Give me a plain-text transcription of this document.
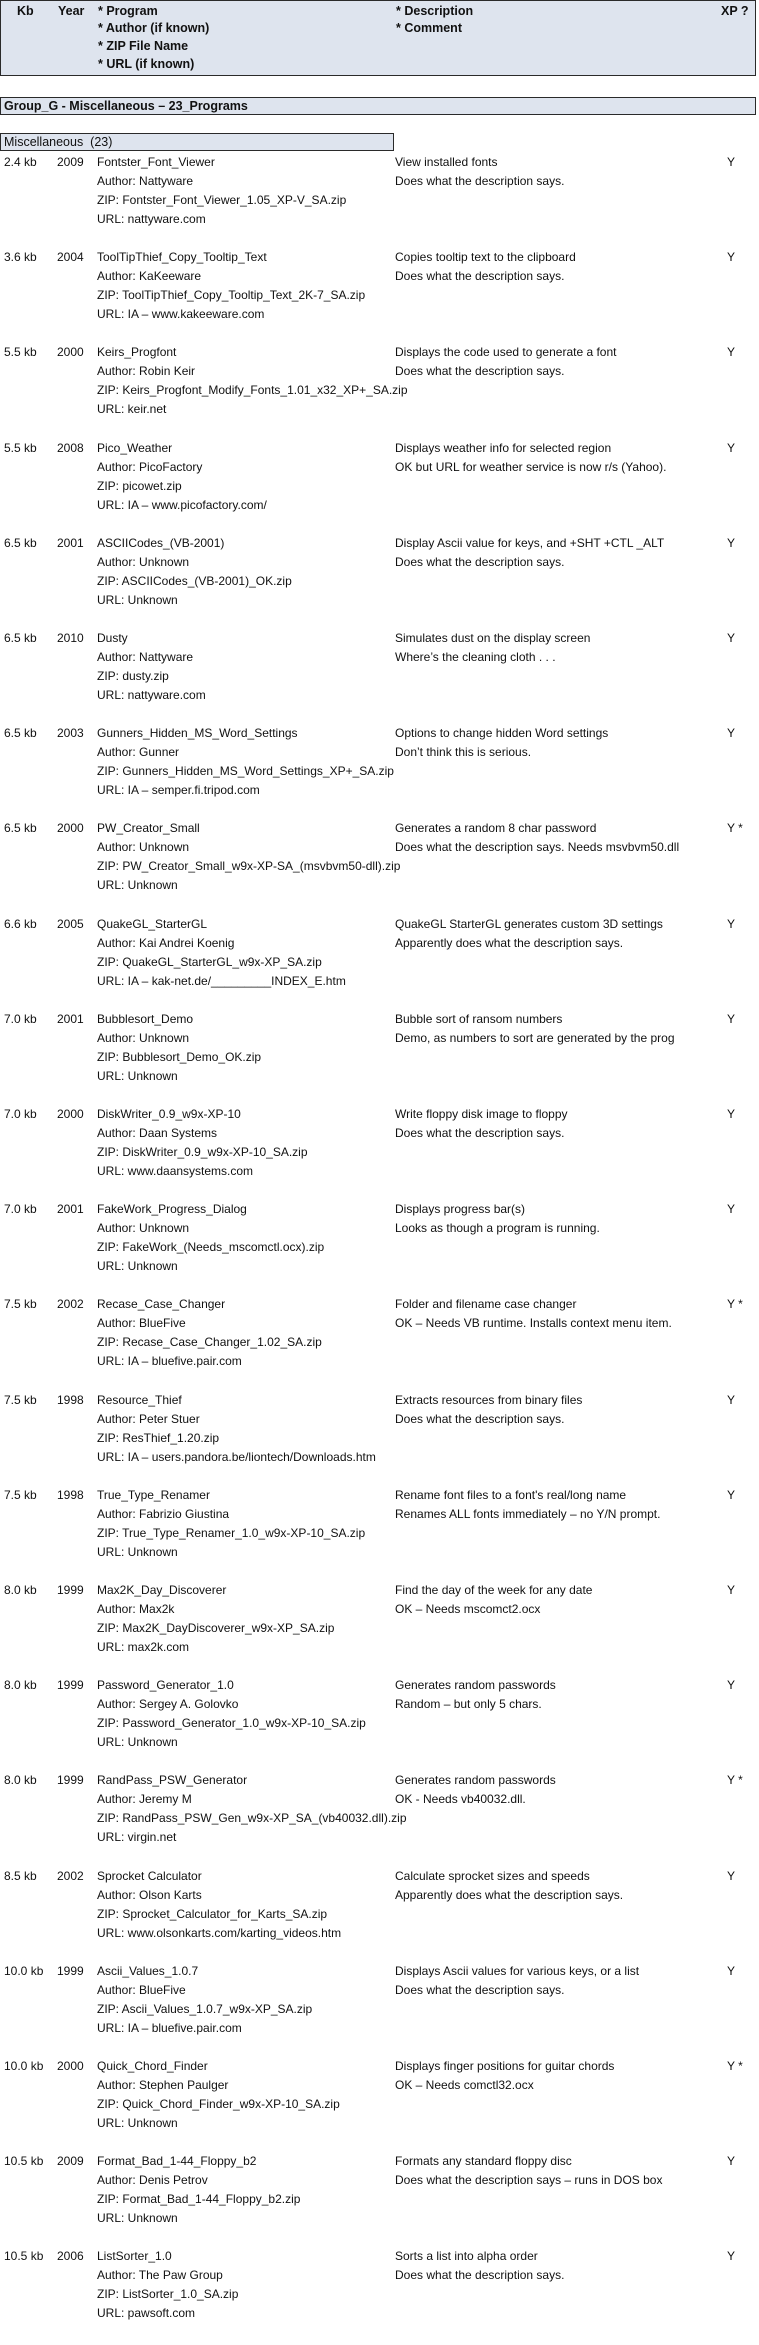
Kb Year * Program
* Author (if known)
* ZIP File Name
* URL (if known)
* Description
* Comment
XP ?
Group_G - Miscellaneous – 23_Programs
Miscellaneous  (23)
2.4 kb 2009 Fontster_Font_Viewer
Author: Nattyware
ZIP: Fontster_Font_Viewer_1.05_XP-V_SA.zip
URL: nattyware.com
View installed fonts
Does what the description says.
Y
3.6 kb 2004 ToolTipThief_Copy_Tooltip_Text
Author: KaKeeware
ZIP: ToolTipThief_Copy_Tooltip_Text_2K-7_SA.zip
URL: IA – www.kakeeware.com
Copies tooltip text to the clipboard
Does what the description says.
Y
5.5 kb 2000 Keirs_Progfont
Author: Robin Keir
ZIP: Keirs_Progfont_Modify_Fonts_1.01_x32_XP+_SA.zip
URL: keir.net
Displays the code used to generate a font
Does what the description says.
Y
5.5 kb 2008 Pico_Weather
Author: PicoFactory
ZIP: picowet.zip
URL: IA – www.picofactory.com/
Displays weather info for selected region
OK but URL for weather service is now r/s (Yahoo).
Y
6.5 kb 2001 ASCIICodes_(VB-2001)
Author: Unknown
ZIP: ASCIICodes_(VB-2001)_OK.zip
URL: Unknown
Display Ascii value for keys, and +SHT +CTL _ALT
Does what the description says.
Y
6.5 kb 2010 Dusty
Author: Nattyware
ZIP: dusty.zip
URL: nattyware.com
Simulates dust on the display screen
Where’s the cleaning cloth . . .
Y
6.5 kb 2003 Gunners_Hidden_MS_Word_Settings
Author: Gunner
ZIP: Gunners_Hidden_MS_Word_Settings_XP+_SA.zip
URL: IA – semper.fi.tripod.com
Options to change hidden Word settings
Don’t think this is serious.
Y
6.5 kb 2000 PW_Creator_Small
Author: Unknown
ZIP: PW_Creator_Small_w9x-XP-SA_(msvbvm50-dll).zip
URL: Unknown
Generates a random 8 char password
Does what the description says. Needs msvbvm50.dll
Y *
6.6 kb 2005 QuakeGL_StarterGL
Author: Kai Andrei Koenig
ZIP: QuakeGL_StarterGL_w9x-XP_SA.zip
URL: IA – kak-net.de/_________INDEX_E.htm
QuakeGL StarterGL generates custom 3D settings
Apparently does what the description says.
Y
7.0 kb 2001 Bubblesort_Demo
Author: Unknown
ZIP: Bubblesort_Demo_OK.zip
URL: Unknown
Bubble sort of ransom numbers
Demo, as numbers to sort are generated by the prog
Y
7.0 kb 2000 DiskWriter_0.9_w9x-XP-10
Author: Daan Systems
ZIP: DiskWriter_0.9_w9x-XP-10_SA.zip
URL: www.daansystems.com
Write floppy disk image to floppy
Does what the description says.
Y
7.0 kb 2001 FakeWork_Progress_Dialog
Author: Unknown
ZIP: FakeWork_(Needs_mscomctl.ocx).zip
URL: Unknown
Displays progress bar(s)
Looks as though a program is running.
Y
7.5 kb 2002 Recase_Case_Changer
Author: BlueFive
ZIP: Recase_Case_Changer_1.02_SA.zip
URL: IA – bluefive.pair.com
Folder and filename case changer
OK – Needs VB runtime. Installs context menu item.
Y *
7.5 kb 1998 Resource_Thief
Author: Peter Stuer
ZIP: ResThief_1.20.zip
URL: IA – users.pandora.be/liontech/Downloads.htm
Extracts resources from binary files
Does what the description says.
Y
7.5 kb 1998 True_Type_Renamer
Author: Fabrizio Giustina
ZIP: True_Type_Renamer_1.0_w9x-XP-10_SA.zip
URL: Unknown
Rename font files to a font's real/long name
Renames ALL fonts immediately – no Y/N prompt.
Y
8.0 kb 1999 Max2K_Day_Discoverer
Author: Max2k
ZIP: Max2K_DayDiscoverer_w9x-XP_SA.zip
URL: max2k.com
Find the day of the week for any date
OK – Needs mscomct2.ocx
Y
8.0 kb 1999 Password_Generator_1.0
Author: Sergey A. Golovko
ZIP: Password_Generator_1.0_w9x-XP-10_SA.zip
URL: Unknown
Generates random passwords
Random – but only 5 chars.
Y
8.0 kb 1999 RandPass_PSW_Generator
Author: Jeremy M
ZIP: RandPass_PSW_Gen_w9x-XP_SA_(vb40032.dll).zip
URL: virgin.net
Generates random passwords
OK - Needs vb40032.dll.
Y *
8.5 kb 2002 Sprocket Calculator
Author: Olson Karts
ZIP: Sprocket_Calculator_for_Karts_SA.zip
URL: www.olsonkarts.com/karting_videos.htm
Calculate sprocket sizes and speeds
Apparently does what the description says.
Y
10.0 kb 1999 Ascii_Values_1.0.7
Author: BlueFive
ZIP: Ascii_Values_1.0.7_w9x-XP_SA.zip
URL: IA – bluefive.pair.com
Displays Ascii values for various keys, or a list
Does what the description says.
Y
10.0 kb 2000 Quick_Chord_Finder
Author: Stephen Paulger
ZIP: Quick_Chord_Finder_w9x-XP-10_SA.zip
URL: Unknown
Displays finger positions for guitar chords
OK – Needs comctl32.ocx
Y *
10.5 kb 2009 Format_Bad_1-44_Floppy_b2
Author: Denis Petrov
ZIP: Format_Bad_1-44_Floppy_b2.zip
URL: Unknown
Formats any standard floppy disc
Does what the description says – runs in DOS box
Y
10.5 kb 2006 ListSorter_1.0
Author: The Paw Group
ZIP: ListSorter_1.0_SA.zip
URL: pawsoft.com
Sorts a list into alpha order
Does what the description says.
Y
